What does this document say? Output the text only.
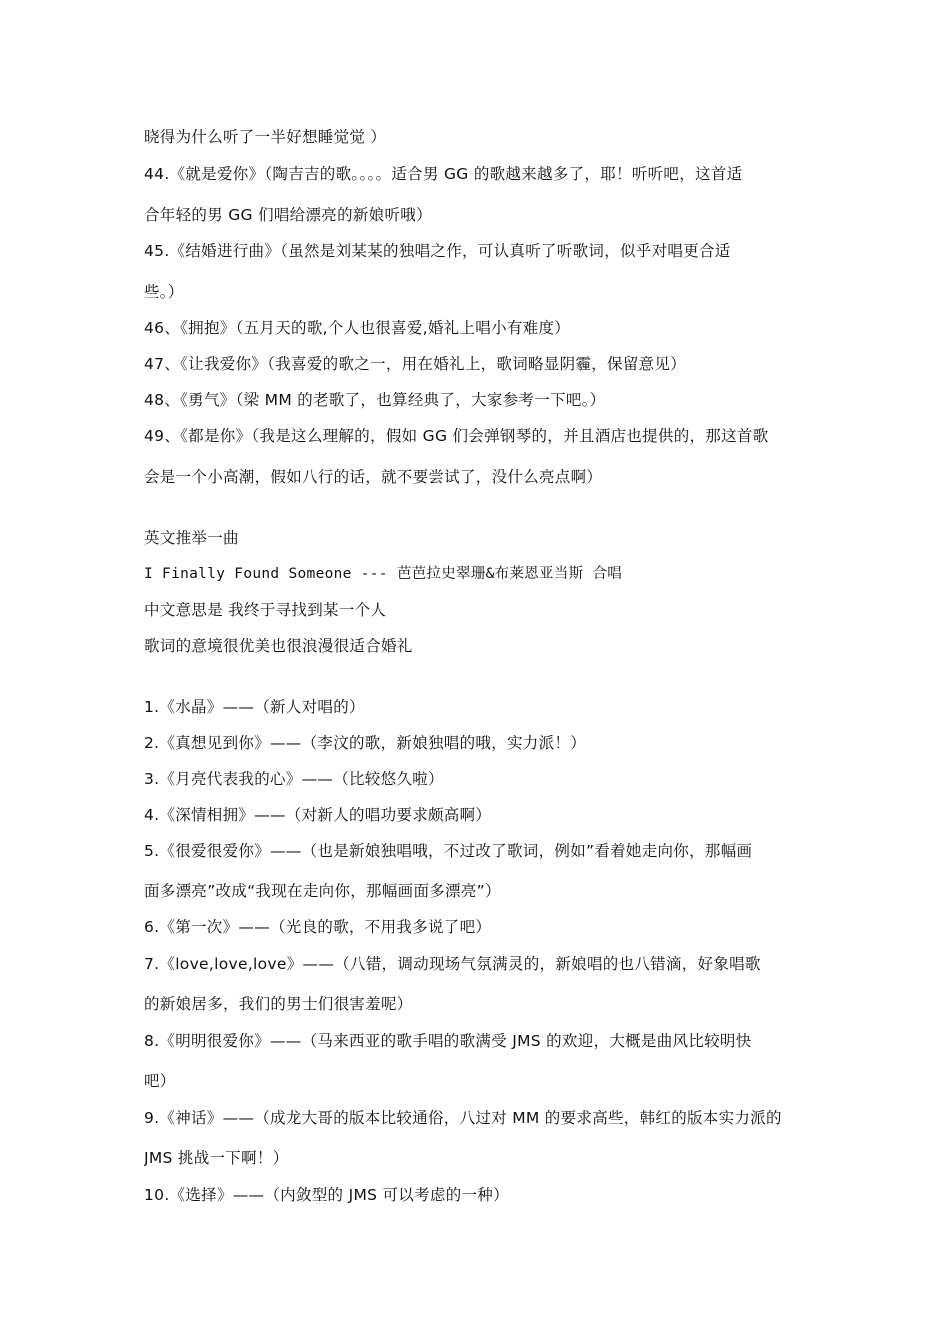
晓得为什么听了一半好想睡觉觉 ）
44.《就是爱你》（陶吉吉的歌。。。。适合男 GG 的歌越来越多了，耶！听听吧，这首适
合年轻的男 GG 们唱给漂亮的新娘听哦）
45.《结婚进行曲》（虽然是刘某某的独唱之作，可认真听了听歌词，似乎对唱更合适
些。）
46、《拥抱》（五月天的歌,个人也很喜爱,婚礼上唱小有难度）
47、《让我爱你》（我喜爱的歌之一，用在婚礼上，歌词略显阴霾，保留意见）
48、《勇气》（梁 MM 的老歌了，也算经典了，大家参考一下吧。）
49、《都是你》（我是这么理解的，假如 GG 们会弹钢琴的，并且酒店也提供的，那这首歌
会是一个小高潮，假如八行的话，就不要尝试了，没什么亮点啊）
英文推举一曲
I Finally Found Someone --- 芭芭拉史翠珊&布莱恩亚当斯 合唱
中文意思是 我终于寻找到某一个人
歌词的意境很优美也很浪漫很适合婚礼
1.《水晶》——（新人对唱的）
2.《真想见到你》——（李汶的歌，新娘独唱的哦，实力派！）
3.《月亮代表我的心》——（比较悠久啦）
4.《深情相拥》——（对新人的唱功要求颇高啊）
5.《很爱很爱你》——（也是新娘独唱哦，不过改了歌词，例如”看着她走向你，那幅画
面多漂亮”改成“我现在走向你，那幅画面多漂亮”）
6.《第一次》——（光良的歌，不用我多说了吧）
7.《love,love,love》——（八错，调动现场气氛满灵的，新娘唱的也八错滴，好象唱歌
的新娘居多，我们的男士们很害羞呢）
8.《明明很爱你》——（马来西亚的歌手唱的歌满受 JMS 的欢迎，大概是曲风比较明快
吧）
9.《神话》——（成龙大哥的版本比较通俗，八过对 MM 的要求高些，韩红的版本实力派的
JMS 挑战一下啊！）
10.《选择》——（内敛型的 JMS 可以考虑的一种）
